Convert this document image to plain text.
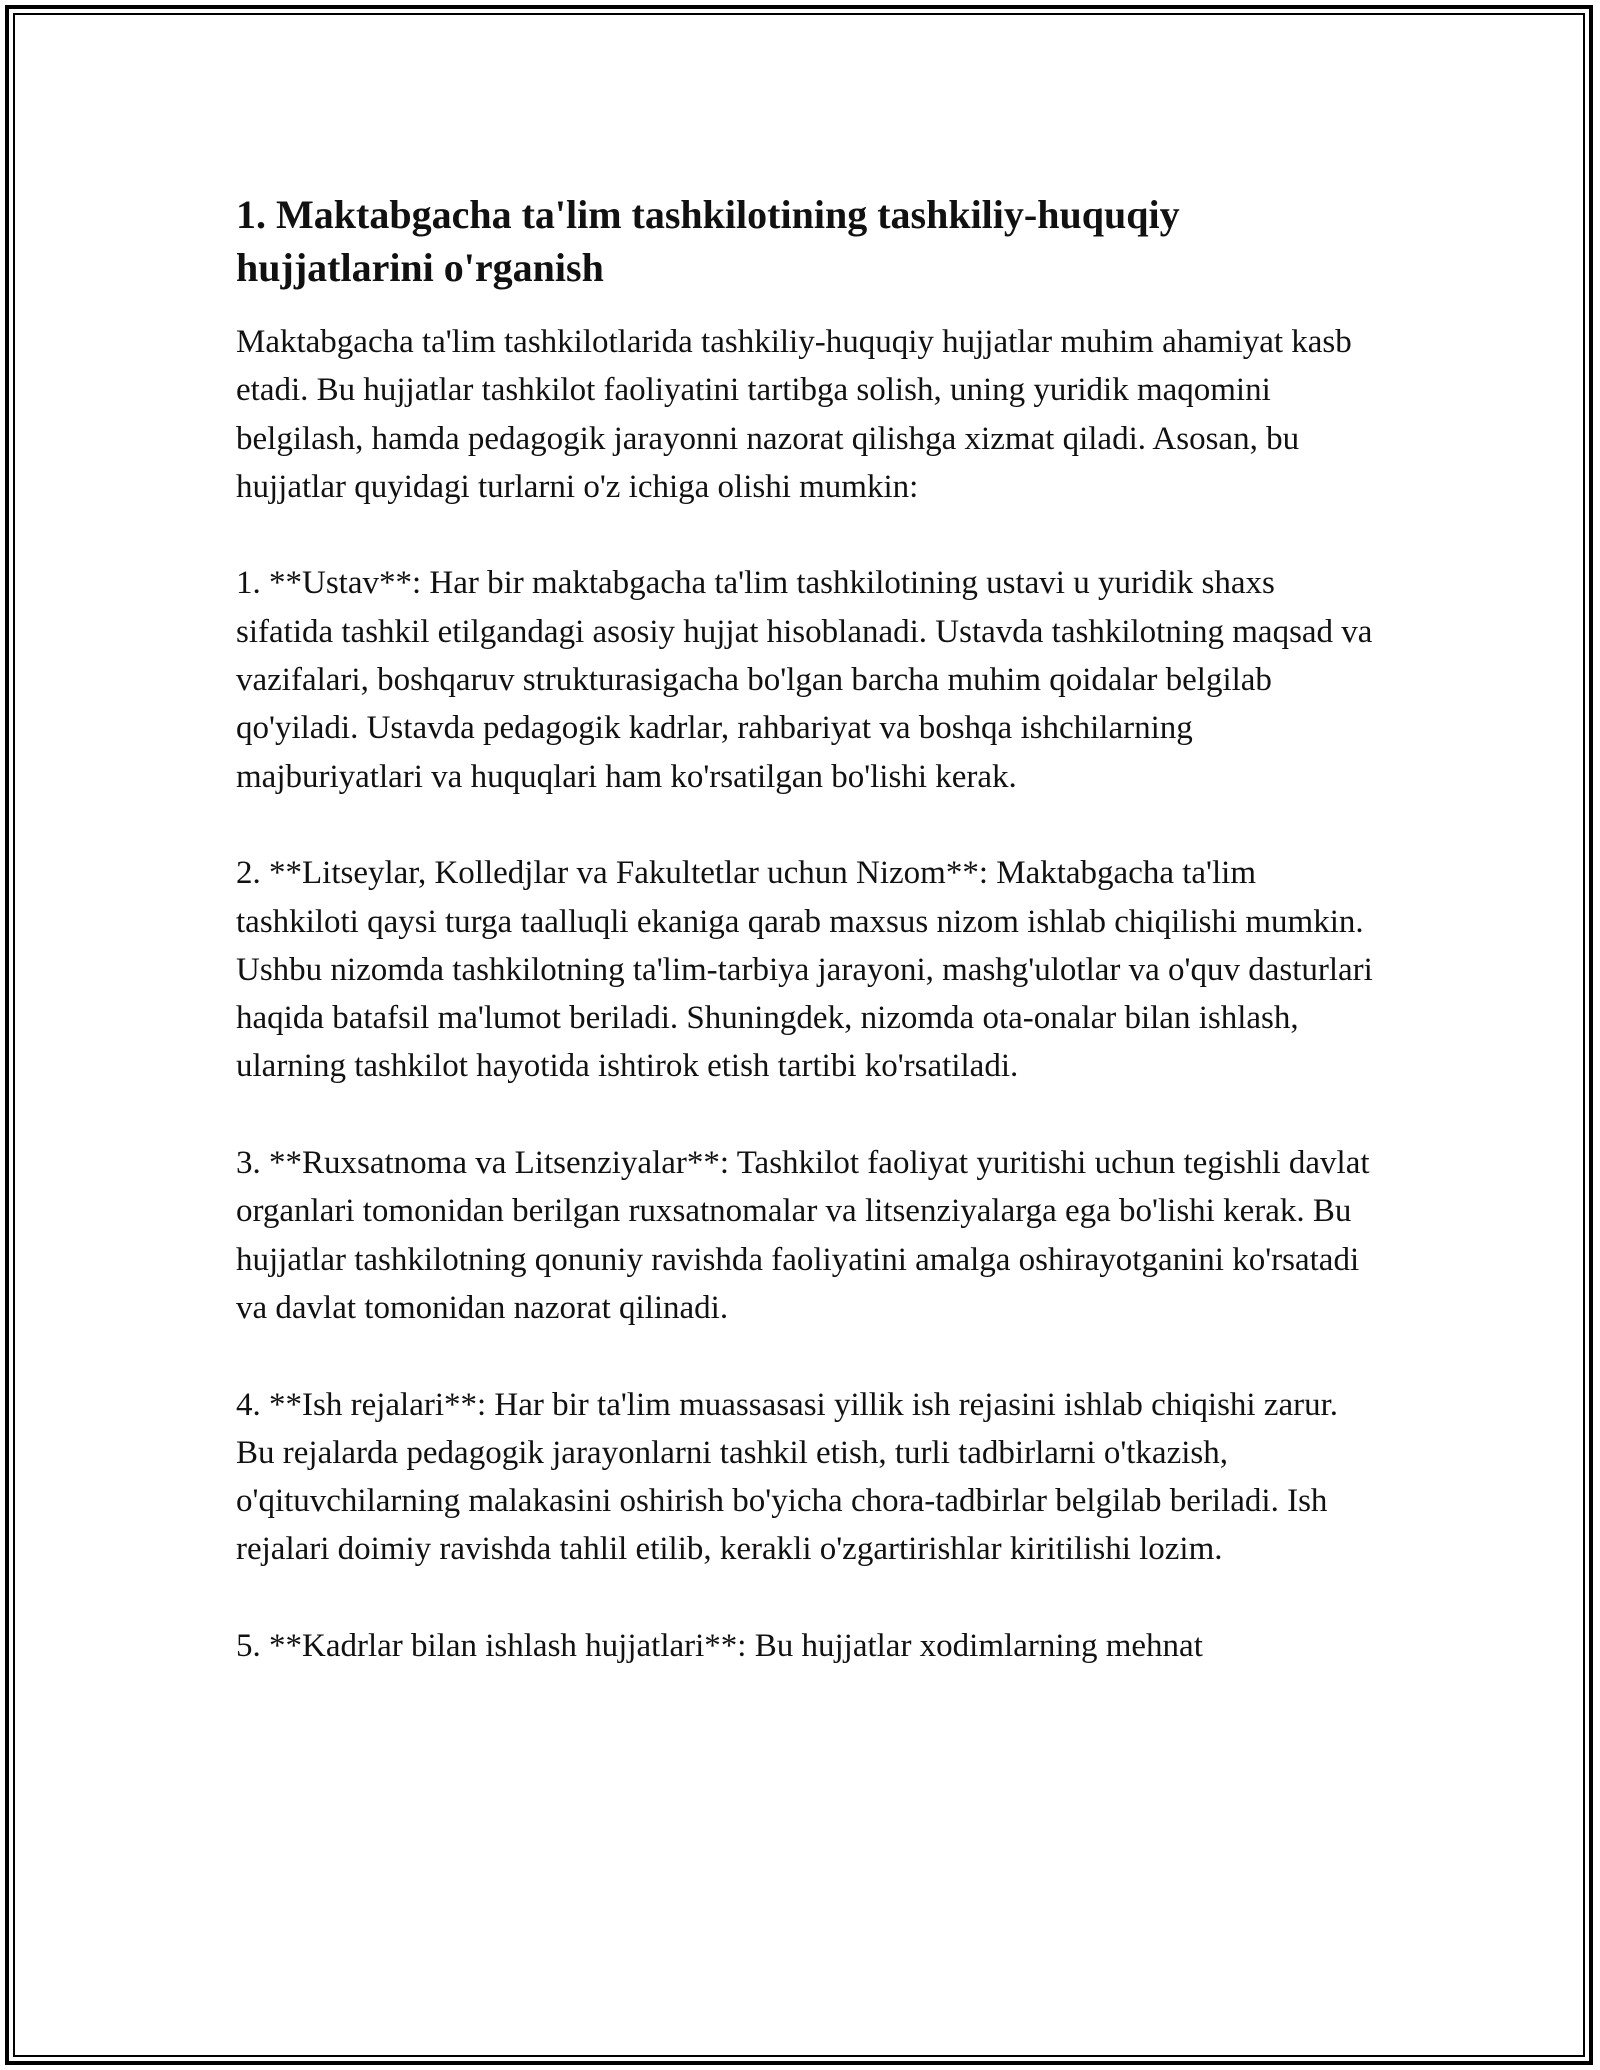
1. Maktabgacha ta'lim tashkilotining tashkiliy-huquqiy hujjatlarini o'rganish

Maktabgacha ta'lim tashkilotlarida tashkiliy-huquqiy hujjatlar muhim ahamiyat kasb etadi. Bu hujjatlar tashkilot faoliyatini tartibga solish, uning yuridik maqomini belgilash, hamda pedagogik jarayonni nazorat qilishga xizmat qiladi. Asosan, bu hujjatlar quyidagi turlarni o'z ichiga olishi mumkin:

1. **Ustav**: Har bir maktabgacha ta'lim tashkilotining ustavi u yuridik shaxs sifatida tashkil etilgandagi asosiy hujjat hisoblanadi. Ustavda tashkilotning maqsad va vazifalari, boshqaruv strukturasigacha bo'lgan barcha muhim qoidalar belgilab qo'yiladi. Ustavda pedagogik kadrlar, rahbariyat va boshqa ishchilarning majburiyatlari va huquqlari ham ko'rsatilgan bo'lishi kerak.

2. **Litseylar, Kolledjlar va Fakultetlar uchun Nizom**: Maktabgacha ta'lim tashkiloti qaysi turga taalluqli ekaniga qarab maxsus nizom ishlab chiqilishi mumkin. Ushbu nizomda tashkilotning ta'lim-tarbiya jarayoni, mashg'ulotlar va o'quv dasturlari haqida batafsil ma'lumot beriladi. Shuningdek, nizomda ota-onalar bilan ishlash, ularning tashkilot hayotida ishtirok etish tartibi ko'rsatiladi.

3. **Ruxsatnoma va Litsenziyalar**: Tashkilot faoliyat yuritishi uchun tegishli davlat organlari tomonidan berilgan ruxsatnomalar va litsenziyalarga ega bo'lishi kerak. Bu hujjatlar tashkilotning qonuniy ravishda faoliyatini amalga oshirayotganini ko'rsatadi va davlat tomonidan nazorat qilinadi.

4. **Ish rejalari**: Har bir ta'lim muassasasi yillik ish rejasini ishlab chiqishi zarur. Bu rejalarda pedagogik jarayonlarni tashkil etish, turli tadbirlarni o'tkazish, o'qituvchilarning malakasini oshirish bo'yicha chora-tadbirlar belgilab beriladi. Ish rejalari doimiy ravishda tahlil etilib, kerakli o'zgartirishlar kiritilishi lozim.

5. **Kadrlar bilan ishlash hujjatlari**: Bu hujjatlar xodimlarning mehnat
